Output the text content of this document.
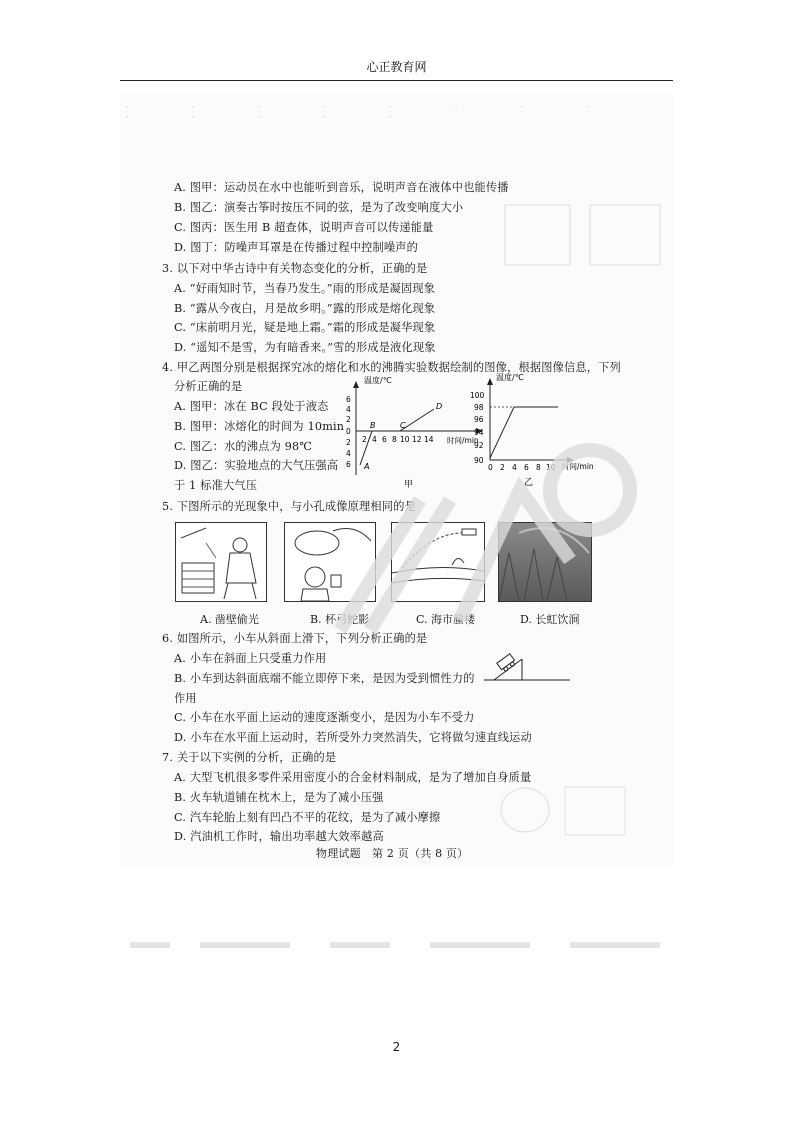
心正教育网
· · · · · · · · · · · · ·
A. 图甲：运动员在水中也能听到音乐，说明声音在液体中也能传播
B. 图乙：演奏古筝时按压不同的弦，是为了改变响度大小
C. 图丙：医生用 B 超查体，说明声音可以传递能量
D. 图丁：防噪声耳罩是在传播过程中控制噪声的
3. 以下对中华古诗中有关物态变化的分析，正确的是
A. “好雨知时节，当春乃发生。”雨的形成是凝固现象
B. “露从今夜白，月是故乡明。”露的形成是熔化现象
C. “床前明月光，疑是地上霜。”霜的形成是凝华现象
D. “遥知不是雪，为有暗香来。”雪的形成是液化现象
4. 甲乙两图分别是根据探究冰的熔化和水的沸腾实验数据绘制的图像，根据图像信息，下列
分析正确的是
A. 图甲：冰在 BC 段处于液态
B. 图甲：冰熔化的时间为 10min
C. 图乙：水的沸点为 98℃
D. 图乙：实验地点的大气压强高
于 1 标准大气压
温度/℃
时间/min
6
4
2
0
2
4
6
2 4 6 8 10 12 14
A
B	C
D
甲
温度/℃
时间/min
100
98
96
94
92
90
0 2 4 6 8 10
乙
5. 下图所示的光现象中，与小孔成像原理相同的是
A. 凿壁偷光	B. 杯弓蛇影	C. 海市蜃楼	D. 长虹饮涧
6. 如图所示，小车从斜面上滑下，下列分析正确的是
A. 小车在斜面上只受重力作用
B. 小车到达斜面底端不能立即停下来，是因为受到惯性力的
作用
C. 小车在水平面上运动的速度逐渐变小，是因为小车不受力
D. 小车在水平面上运动时，若所受外力突然消失，它将做匀速直线运动
7. 关于以下实例的分析，正确的是
A. 大型飞机很多零件采用密度小的合金材料制成，是为了增加自身质量
B. 火车轨道铺在枕木上，是为了减小压强
C. 汽车轮胎上刻有凹凸不平的花纹，是为了减小摩擦
D. 汽油机工作时，输出功率越大效率越高
物理试题　第 2 页（共 8 页）
2
